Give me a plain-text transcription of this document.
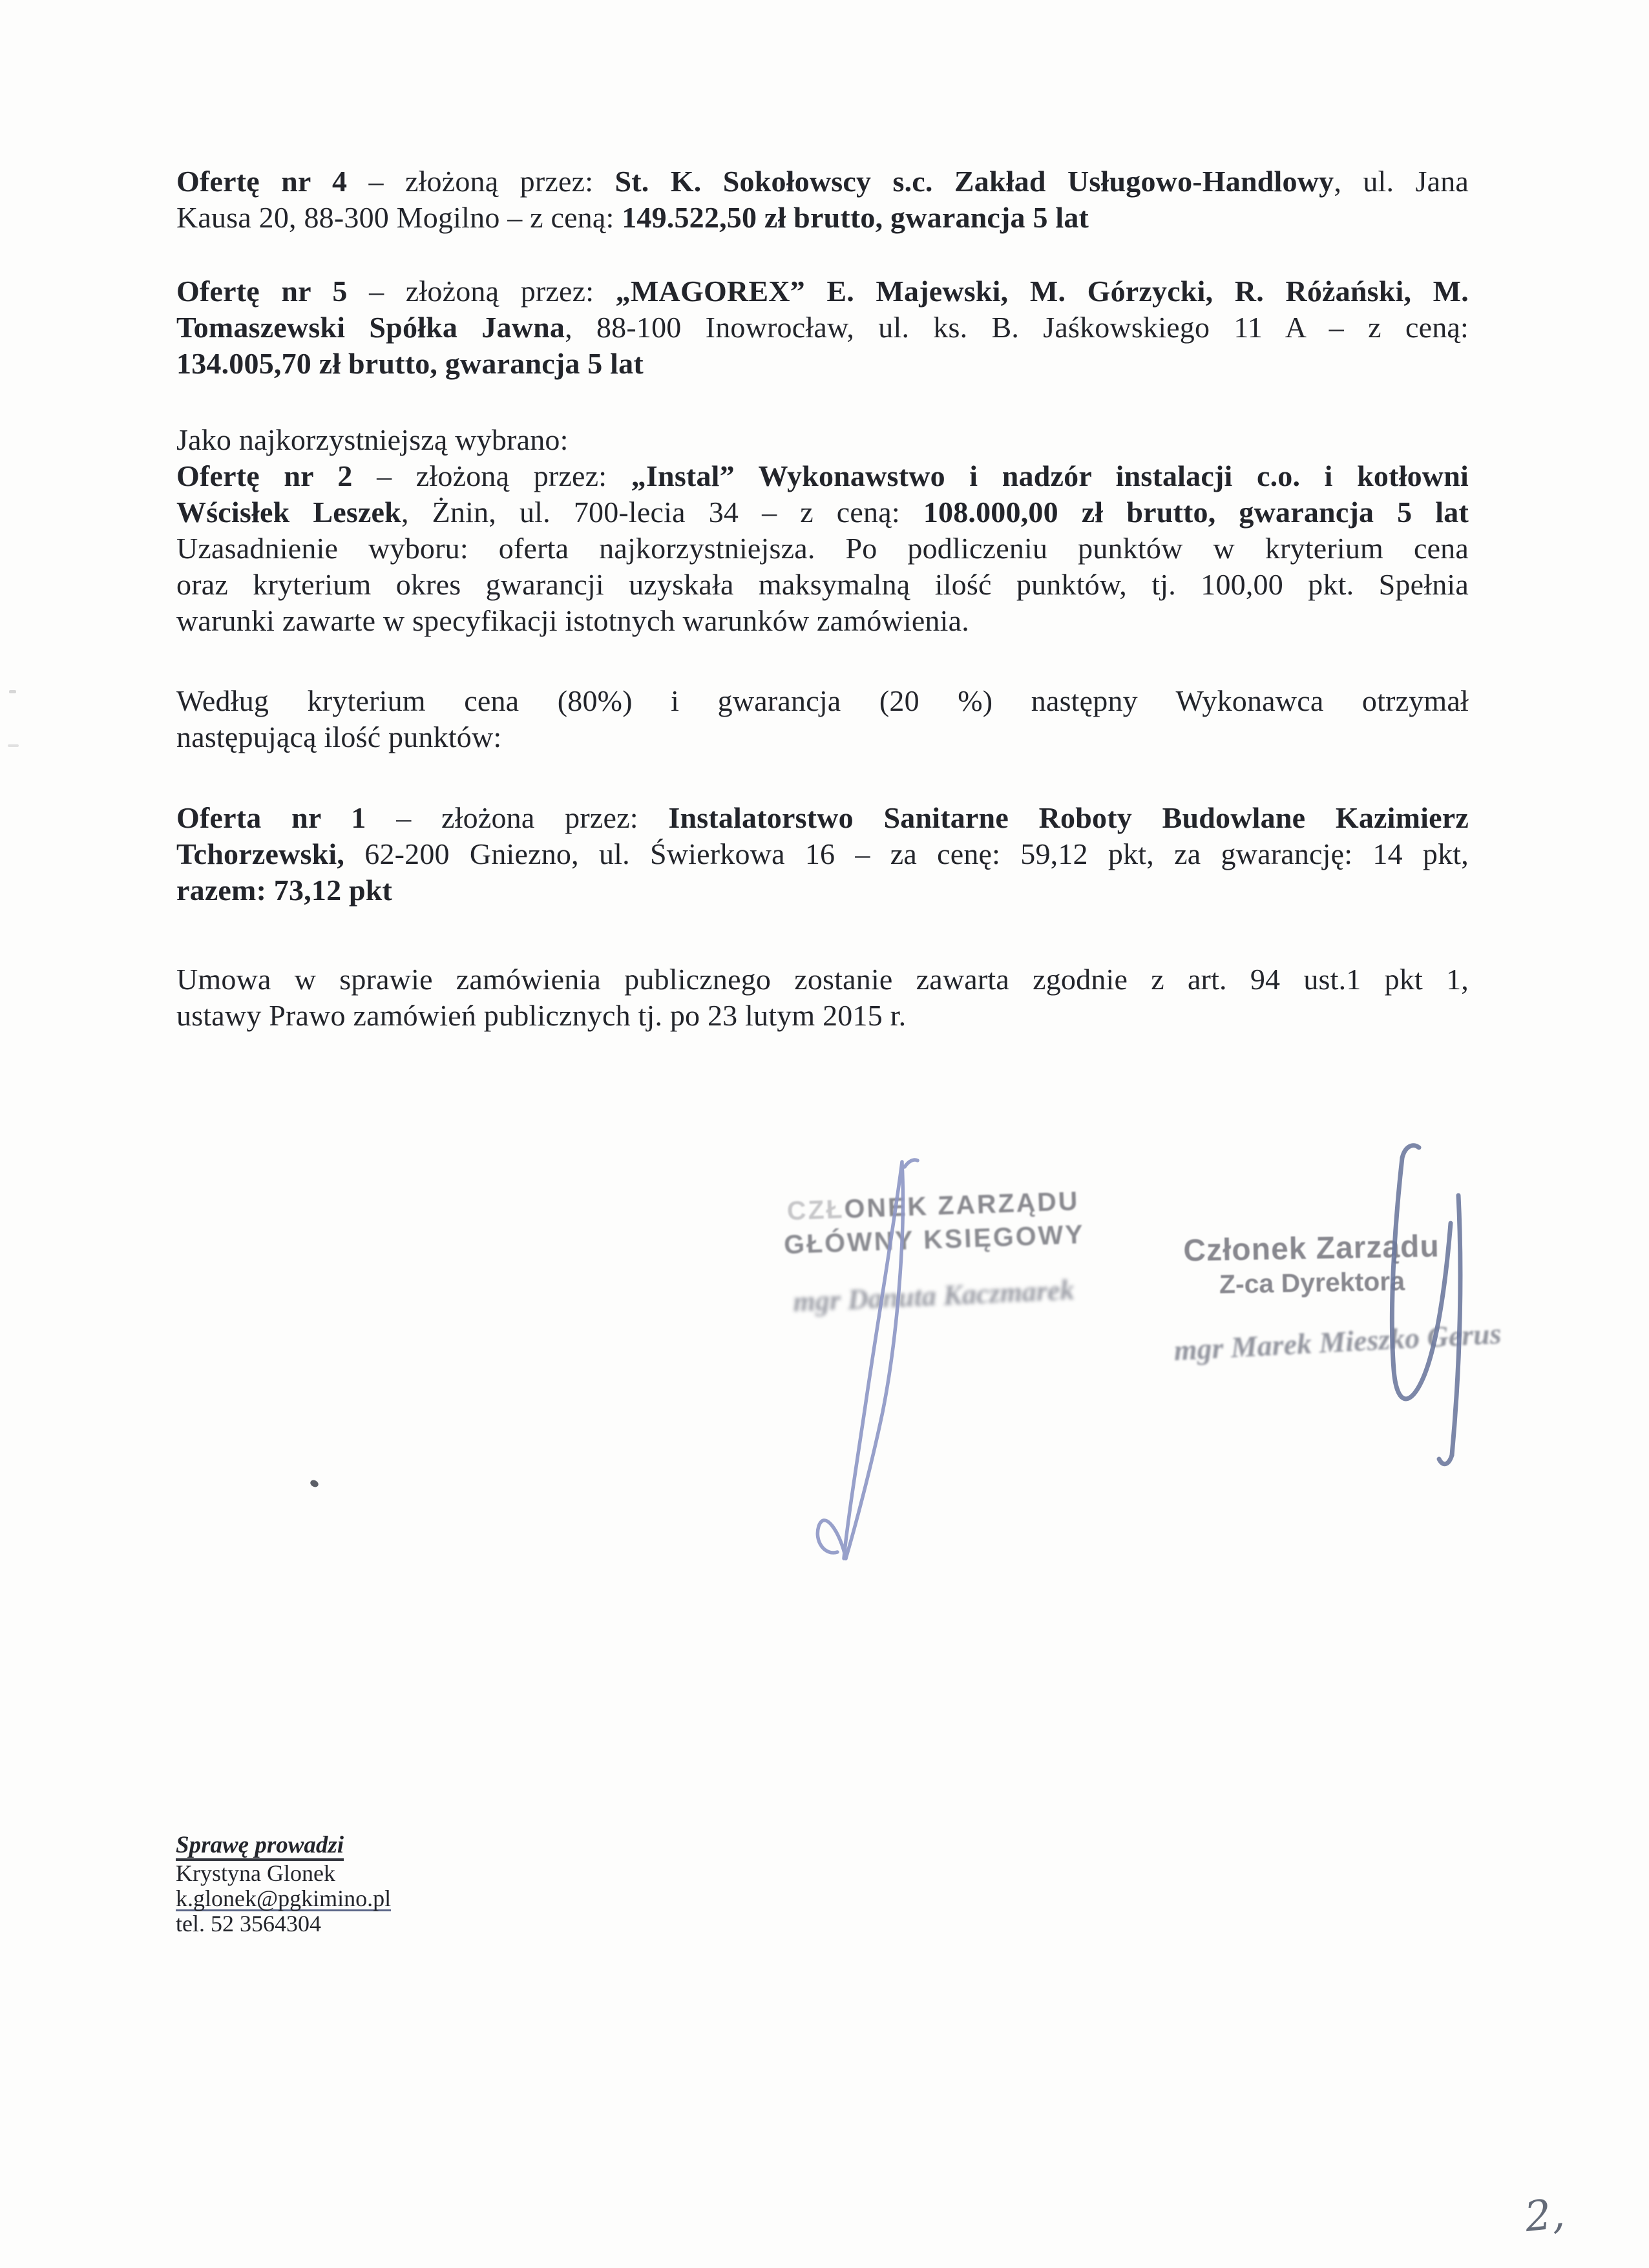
Ofertę nr 4 – złożoną przez: St. K. Sokołowscy s.c. Zakład Usługowo-Handlowy, ul. Jana
Kausa 20, 88-300 Mogilno – z ceną: 149.522,50 zł brutto, gwarancja 5 lat
Ofertę nr 5 – złożoną przez: „MAGOREX” E. Majewski, M. Górzycki, R. Różański, M.
Tomaszewski Spółka Jawna, 88-100 Inowrocław, ul. ks. B. Jaśkowskiego 11 A – z ceną:
134.005,70 zł brutto, gwarancja 5 lat
Jako najkorzystniejszą wybrano:
Ofertę nr 2 – złożoną przez: „Instal” Wykonawstwo i nadzór instalacji c.o. i kotłowni
Wścisłek Leszek, Żnin, ul. 700-lecia 34 – z ceną: 108.000,00 zł brutto, gwarancja 5 lat
Uzasadnienie wyboru: oferta najkorzystniejsza. Po podliczeniu punktów w kryterium cena
oraz kryterium okres gwarancji uzyskała maksymalną ilość punktów, tj. 100,00 pkt. Spełnia
warunki zawarte w specyfikacji istotnych warunków zamówienia.
Według kryterium cena (80%) i gwarancja (20 %) następny Wykonawca otrzymał
następującą ilość punktów:
Oferta nr 1 – złożona przez: Instalatorstwo Sanitarne Roboty Budowlane Kazimierz
Tchorzewski, 62-200 Gniezno, ul. Świerkowa 16 – za cenę: 59,12 pkt, za gwarancję: 14 pkt,
razem: 73,12 pkt
Umowa w sprawie zamówienia publicznego zostanie zawarta zgodnie z art. 94 ust.1 pkt 1,
ustawy Prawo zamówień publicznych tj. po 23 lutym 2015 r.
CZŁONEK ZARZĄDU
GŁÓWNY KSIĘGOWY
mgr Danuta Kaczmarek
Członek Zarządu
Z-ca Dyrektora
mgr Marek Mieszko Gerus
Sprawę prowadzi
Krystyna Glonek
k.glonek@pgkimino.pl
tel. 52 3564304
2,
